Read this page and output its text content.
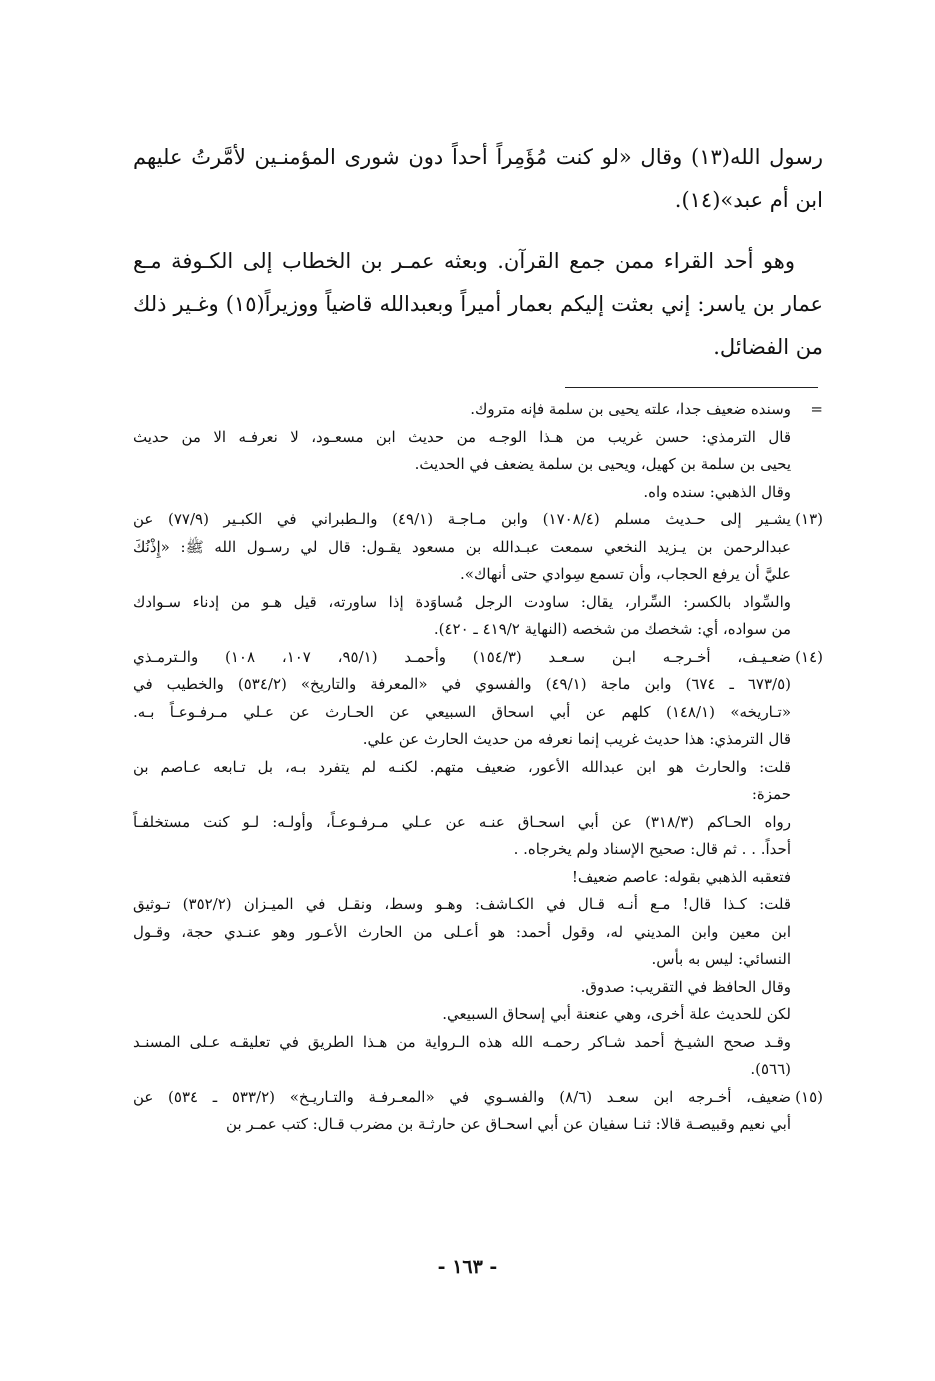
رسول الله(١٣) وقال «لو كنت مُؤَمِراً أحداً دون شورى المؤمنـين لأمَّرتُ عليهم ابن أم عبد»(١٤).

وهو أحد القراء ممن جمع القرآن. وبعثه عمـر بن الخطاب إلى الكـوفة مـع عمار بن ياسر: إني بعثت إليكم بعمار أميراً وبعبدالله قاضياً ووزيراً(١٥) وغـير ذلك من الفضائل.

=

وسنده ضعيف جدا، علته يحيى بن سلمة فإنه متروك.

قال الترمذي: حسن غريب من هـذا الوجـه من حديث ابن مسعـود، لا نعرفـه الا من حديث

يحيى بن سلمة بن كهيل، ويحيى بن سلمة يضعف في الحديث.

وقال الذهبي: سنده واه.

(١٣)

يشـير إلى حـديث مسلم (١٧٠٨/٤) وابن مـاجـة (٤٩/١) والـطبراني في الكبـير (٧٧/٩) عن

عبدالرحمن بن يـزيد النخعي سمعت عبـدالله بن مسعود يقـول: قال لي رسـول الله ﷺ: «إِذْنُكَ

عليَّ أن يرفع الحجاب، وأن تسمع سِوادي حتى أنهاك».

والسِّواد بالكسر: السِّرار، يقال: ساودت الرجل مُساوَدة إذا ساورته، قيل هـو من إدناء سـوادك

من سواده، أي: شخصك من شخصه (النهاية ٤١٩/٢ ـ ٤٢٠).

(١٤)

ضعـيـف، أخـرجـه ابـن سـعـد (١٥٤/٣) وأحمـد (٩٥/١، ١٠٧، ١٠٨) والـترمـذي

(٦٧٣/٥ ـ ٦٧٤) وابن ماجة (٤٩/١) والفسوي في «المعرفة والتاريخ» (٥٣٤/٢) والخطيب في

«تـاريخه» (١٤٨/١) كلهم عن أبي اسحاق السبيعي عن الحـارث عن عـلي مـرفـوعـاً بـه.

قال الترمذي: هذا حديث غريب إنما نعرفه من حديث الحارث عن علي.

قلت: والحارث هو ابن عبدالله الأعور، ضعيف متهم. لكنـه لم يتفرد بـه، بل تـابعه عـاصم بن

حمزة:

رواه الحـاكم (٣١٨/٣) عن أبي اسحـاق عنـه عن عـلي مـرفـوعـاً، وأولـه: لـو كنت مستخلفـاً

أحداً. . . ثم قال: صحيح الإسناد ولم يخرجاه. .

فتعقبه الذهبي بقوله: عاصم ضعيف!

قلت: كـذا قال! مـع أنـه قـال في الكـاشف: وهـو وسط، ونقـل في الميـزان (٣٥٢/٢) تـوثيق

ابن معين وابن المديني له، وقول أحمد: هو أعـلى من الحارث الأعـور وهو عنـدي حجة، وقـول

النسائي: ليس به بأس.

وقال الحافظ في التقريب: صدوق.

لكن للحديث علة أخرى، وهي عنعنة أبي إسحاق السبيعي.

وقـد صحح الشيـخ أحمد شـاكر رحمـه الله هذه الـرواية من هـذا الطريق في تعليقـه عـلى المسنـد

(٥٦٦).

(١٥)

ضعيف، أخـرجه ابن سعـد (٨/٦) والفسـوي في «المعـرفـة والتـاريـخ» (٥٣٣/٢ ـ ٥٣٤) عن

أبي نعيم وقبيصـة قالا: ثنـا سفيان عن أبي اسحـاق عن حارثـة بن مضرب قـال: كتب عمـر بن

- ١٦٣ -
